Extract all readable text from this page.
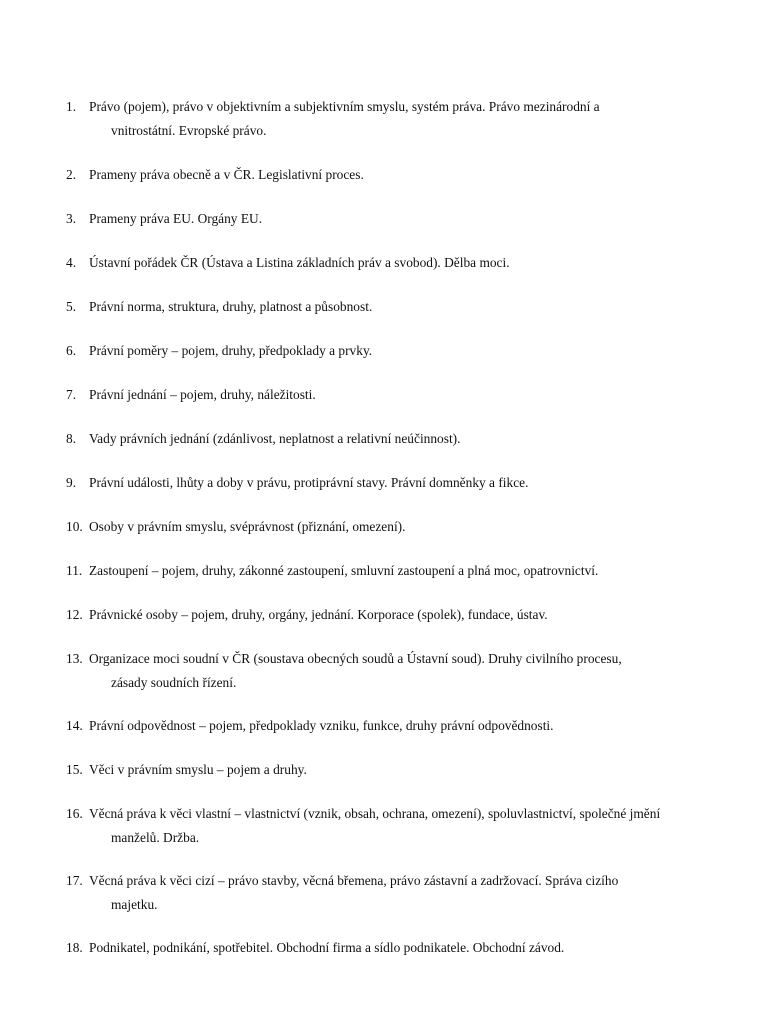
1. Právo (pojem), právo v objektivním a subjektivním smyslu, systém práva. Právo mezinárodní a
vnitrostátní. Evropské právo.
2. Prameny práva obecně a v ČR. Legislativní proces.
3. Prameny práva EU. Orgány EU.
4. Ústavní pořádek ČR (Ústava a Listina základních práv a svobod). Dělba moci.
5. Právní norma, struktura, druhy, platnost a působnost.
6. Právní poměry – pojem, druhy, předpoklady a prvky.
7. Právní jednání – pojem, druhy, náležitosti.
8. Vady právních jednání (zdánlivost, neplatnost a relativní neúčinnost).
9. Právní události, lhůty a doby v právu, protiprávní stavy. Právní domněnky a fikce.
10. Osoby v právním smyslu, svéprávnost (přiznání, omezení).
11. Zastoupení – pojem, druhy, zákonné zastoupení, smluvní zastoupení a plná moc, opatrovnictví.
12. Právnické osoby – pojem, druhy, orgány, jednání. Korporace (spolek), fundace, ústav.
13. Organizace moci soudní v ČR (soustava obecných soudů a Ústavní soud). Druhy civilního procesu,
zásady soudních řízení.
14. Právní odpovědnost – pojem, předpoklady vzniku, funkce, druhy právní odpovědnosti.
15. Věci v právním smyslu – pojem a druhy.
16. Věcná práva k věci vlastní – vlastnictví (vznik, obsah, ochrana, omezení), spoluvlastnictví, společné jmění
manželů. Držba.
17. Věcná práva k věci cizí – právo stavby, věcná břemena, právo zástavní a zadržovací. Správa cizího
majetku.
18. Podnikatel, podnikání, spotřebitel. Obchodní firma a sídlo podnikatele. Obchodní závod.
